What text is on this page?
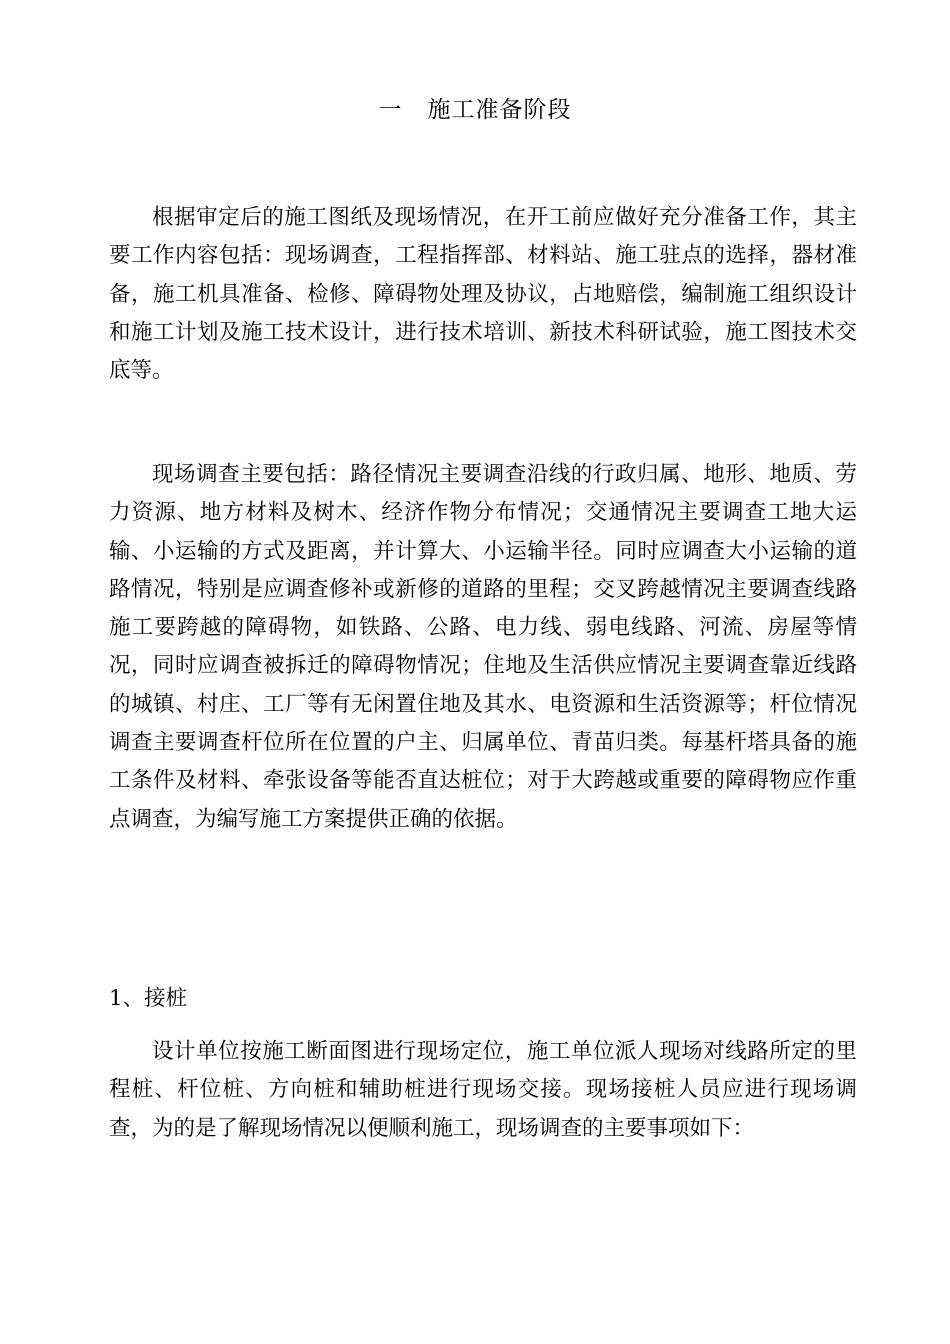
一   施工准备阶段

根据审定后的施工图纸及现场情况，在开工前应做好充分准备工作，其主要工作内容包括：现场调查，工程指挥部、材料站、施工驻点的选择，器材准备，施工机具准备、检修、障碍物处理及协议，占地赔偿，编制施工组织设计和施工计划及施工技术设计，进行技术培训、新技术科研试验，施工图技术交底等。

现场调查主要包括：路径情况主要调查沿线的行政归属、地形、地质、劳力资源、地方材料及树木、经济作物分布情况；交通情况主要调查工地大运输、小运输的方式及距离，并计算大、小运输半径。同时应调查大小运输的道路情况，特别是应调查修补或新修的道路的里程；交叉跨越情况主要调查线路施工要跨越的障碍物，如铁路、公路、电力线、弱电线路、河流、房屋等情况，同时应调查被拆迁的障碍物情况；住地及生活供应情况主要调查靠近线路的城镇、村庄、工厂等有无闲置住地及其水、电资源和生活资源等；杆位情况调查主要调查杆位所在位置的户主、归属单位、青苗归类。每基杆塔具备的施工条件及材料、牵张设备等能否直达桩位；对于大跨越或重要的障碍物应作重点调查，为编写施工方案提供正确的依据。

1、接桩

设计单位按施工断面图进行现场定位，施工单位派人现场对线路所定的里程桩、杆位桩、方向桩和辅助桩进行现场交接。现场接桩人员应进行现场调查，为的是了解现场情况以便顺利施工，现场调查的主要事项如下：
